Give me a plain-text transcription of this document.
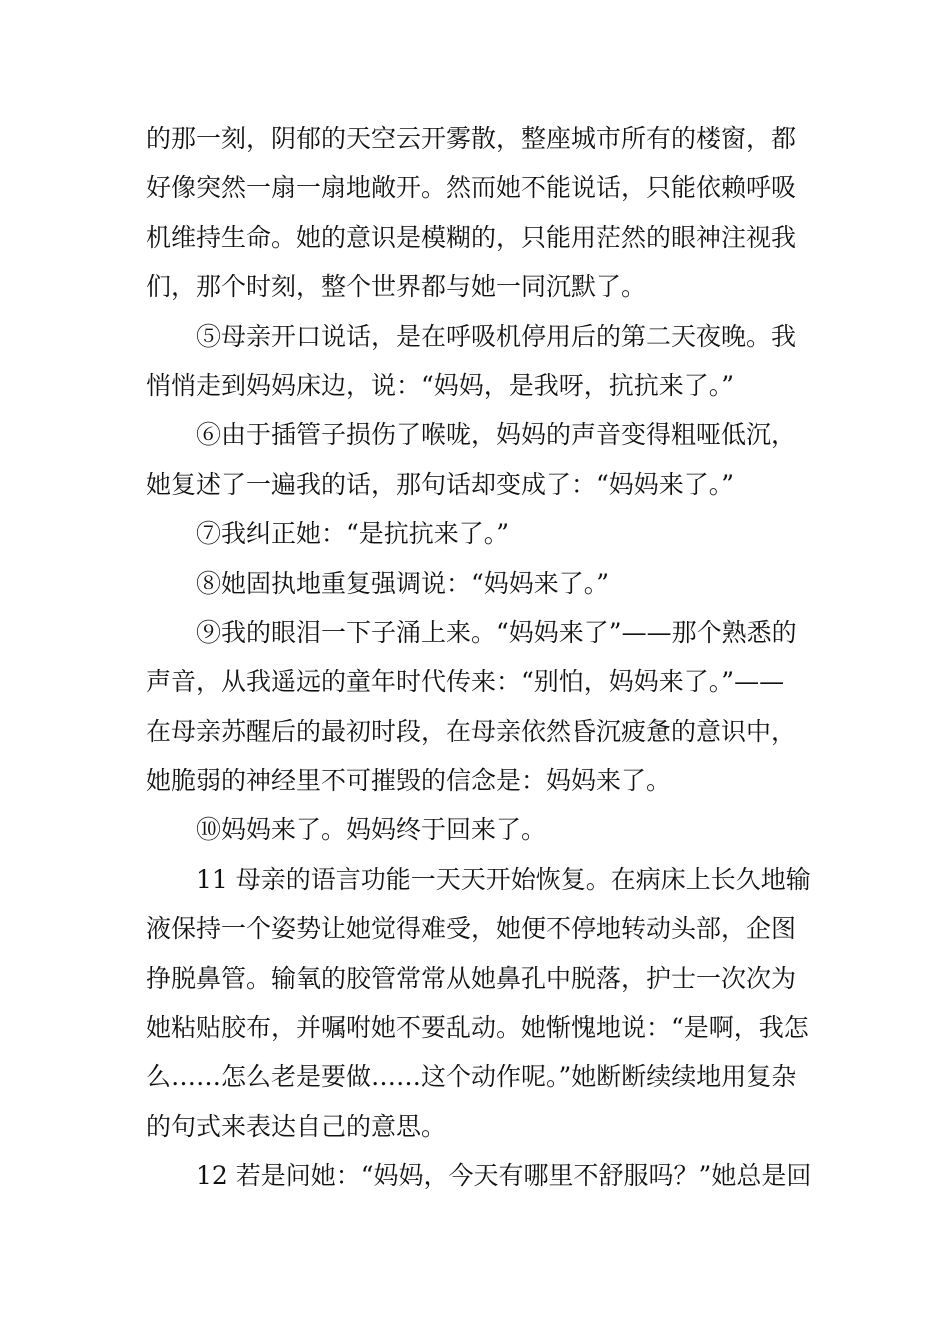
的那一刻，阴郁的天空云开雾散，整座城市所有的楼窗，都
好像突然一扇一扇地敞开。然而她不能说话，只能依赖呼吸
机维持生命。她的意识是模糊的，只能用茫然的眼神注视我
们，那个时刻，整个世界都与她一同沉默了。
⑤母亲开口说话，是在呼吸机停用后的第二天夜晚。我
悄悄走到妈妈床边，说：“妈妈，是我呀，抗抗来了。”
⑥由于插管子损伤了喉咙，妈妈的声音变得粗哑低沉，
她复述了一遍我的话，那句话却变成了：“妈妈来了。”
⑦我纠正她：“是抗抗来了。”
⑧她固执地重复强调说：“妈妈来了。”
⑨我的眼泪一下子涌上来。“妈妈来了”——那个熟悉的
声音，从我遥远的童年时代传来：“别怕，妈妈来了。”——
在母亲苏醒后的最初时段，在母亲依然昏沉疲惫的意识中，
她脆弱的神经里不可摧毁的信念是：妈妈来了。
⑩妈妈来了。妈妈终于回来了。
11 母亲的语言功能一天天开始恢复。在病床上长久地输
液保持一个姿势让她觉得难受，她便不停地转动头部，企图
挣脱鼻管。输氧的胶管常常从她鼻孔中脱落，护士一次次为
她粘贴胶布，并嘱咐她不要乱动。她惭愧地说：“是啊，我怎
么……怎么老是要做……这个动作呢。”她断断续续地用复杂
的句式来表达自己的意思。
12 若是问她：“妈妈，今天有哪里不舒服吗？”她总是回
